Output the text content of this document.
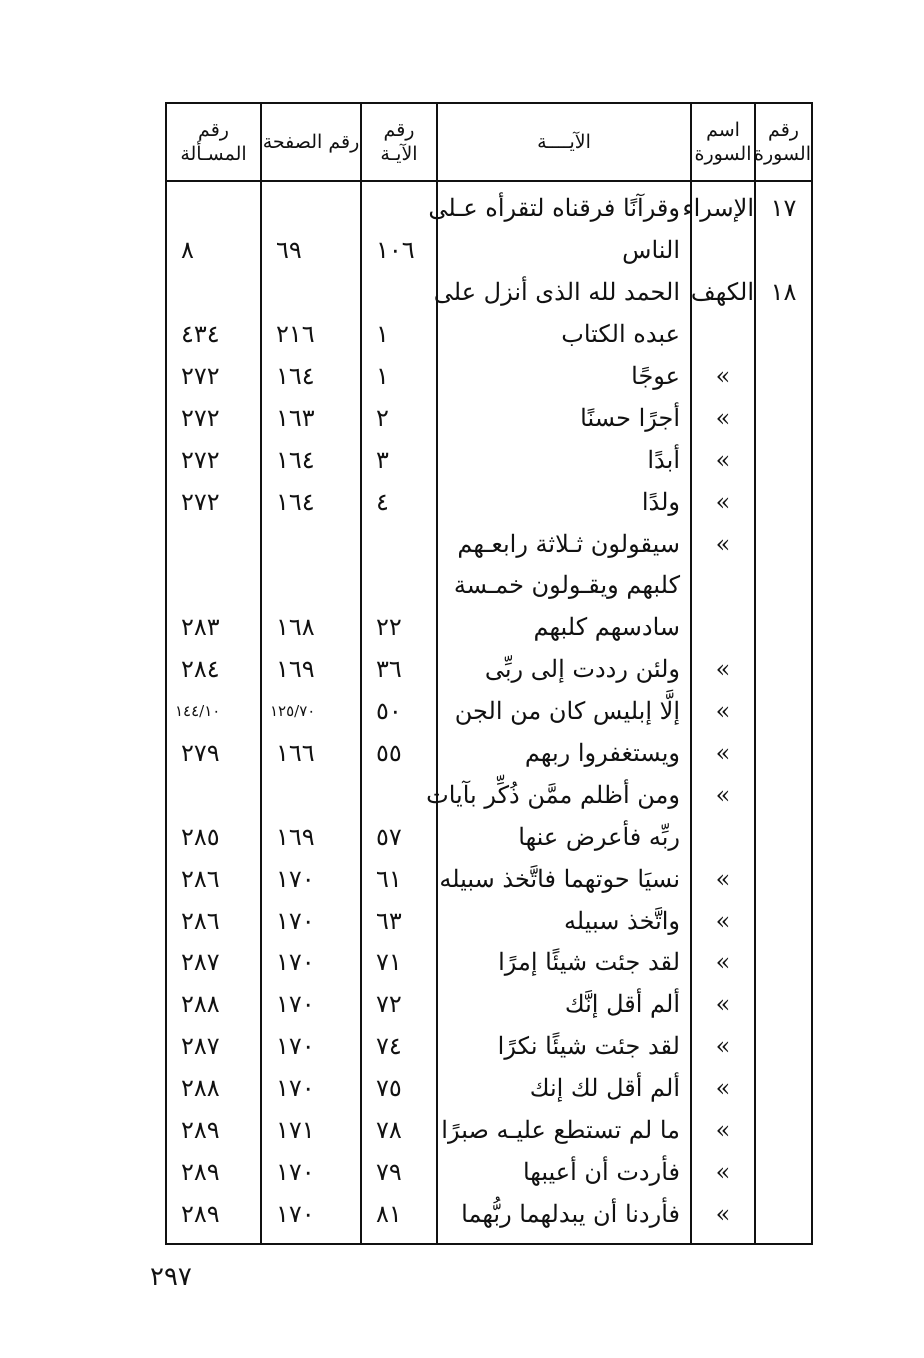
رقم السورة	اسم السورة	الآيــــة	رقم الآيـة	رقم الصفحة	رقم المسـألة
١٧	الإسراء	وقرآنًا فرقناه لتقرأه عـلى			
		الناس	١٠٦	٦٩	٨
١٨	الكهف	الحمد لله الذى أنزل على			
		عبده الكتاب	١	٢١٦	٤٣٤
	»	عوجًا	١	١٦٤	٢٧٢
	»	أجرًا حسنًا	٢	١٦٣	٢٧٢
	»	أبدًا	٣	١٦٤	٢٧٢
	»	ولدًا	٤	١٦٤	٢٧٢
	»	سيقولون ثـلاثة رابعـهم			
		كلبهم ويقـولون خمـسة			
		سادسهم كلبهم	٢٢	١٦٨	٢٨٣
	»	ولئن رددت إلى ربِّى	٣٦	١٦٩	٢٨٤
	»	إلَّا إبليس كان من الجن	٥٠	١٢٥/٧٠	١٤٤/١٠
	»	ويستغفروا ربهم	٥٥	١٦٦	٢٧٩
	»	ومن أظلم ممَّن ذُكِّر بآيات			
		ربِّه فأعرض عنها	٥٧	١٦٩	٢٨٥
	»	نسيَا حوتهما فاتَّخذ سبيله	٦١	١٧٠	٢٨٦
	»	واتَّخذ سبيله	٦٣	١٧٠	٢٨٦
	»	لقد جئت شيئًا إمرًا	٧١	١٧٠	٢٨٧
	»	ألم أقل إنَّك	٧٢	١٧٠	٢٨٨
	»	لقد جئت شيئًا نكرًا	٧٤	١٧٠	٢٨٧
	»	ألم أقل لك إنك	٧٥	١٧٠	٢٨٨
	»	ما لم تستطع عليـه صبرًا	٧٨	١٧١	٢٨٩
	»	فأردت أن أعيبها	٧٩	١٧٠	٢٨٩
	»	فأردنا أن يبدلهما ربُّهما	٨١	١٧٠	٢٨٩
٢٩٧
